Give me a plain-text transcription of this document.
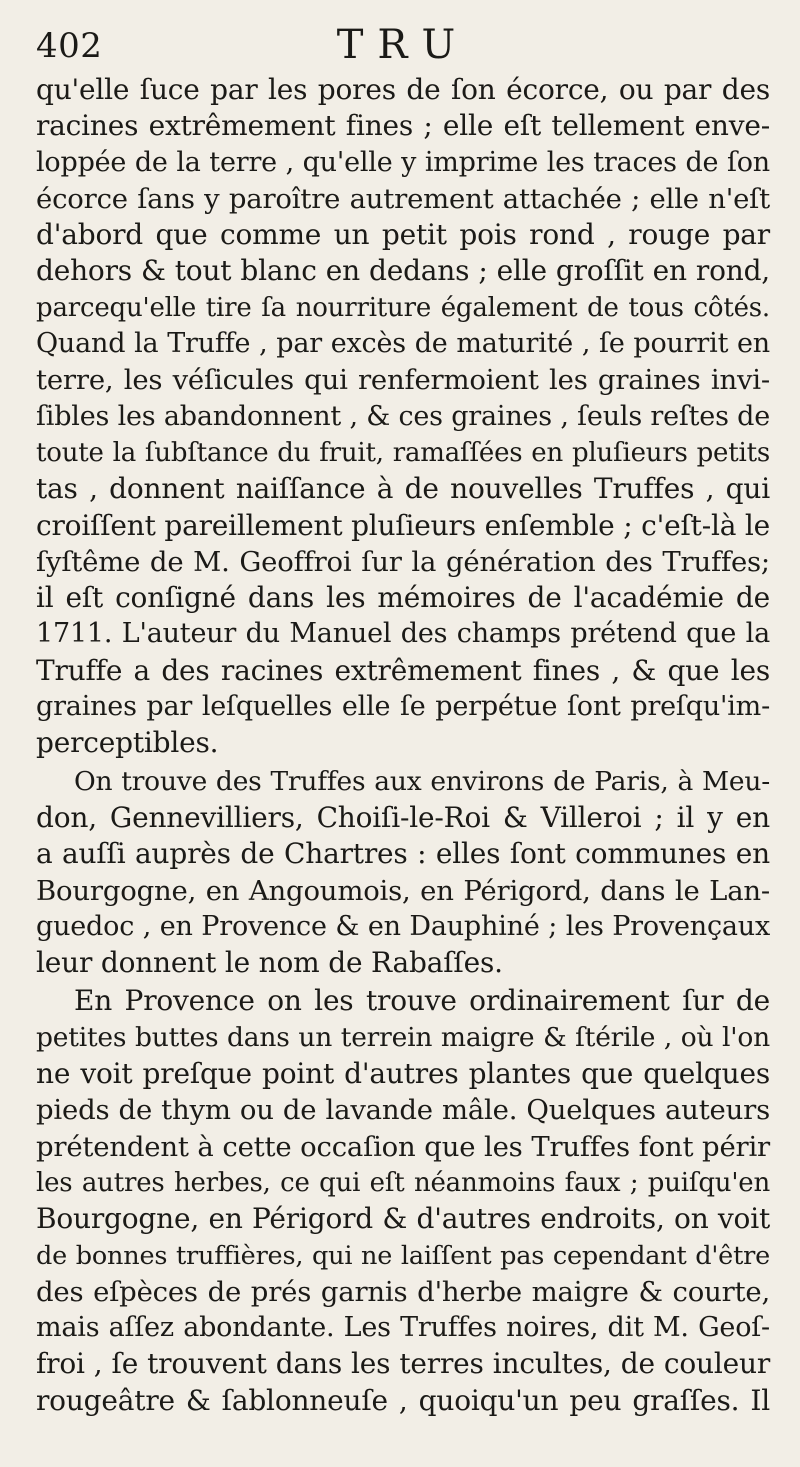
402	TRU
qu'elle ſuce par les pores de ſon écorce, ou par des
racines extrêmement fines ; elle eſt tellement enve-
loppée de la terre , qu'elle y imprime les traces de ſon
écorce ſans y paroître autrement attachée ; elle n'eſt
d'abord que comme un petit pois rond , rouge par
dehors & tout blanc en dedans ; elle groſſit en rond,
parcequ'elle tire ſa nourriture également de tous côtés.
Quand la Truffe , par excès de maturité , ſe pourrit en
terre, les véſicules qui renfermoient les graines invi-
ſibles les abandonnent , & ces graines , ſeuls reſtes de
toute la ſubſtance du fruit, ramaſſées en pluſieurs petits
tas , donnent naiſſance à de nouvelles Truffes , qui
croiſſent pareillement pluſieurs enſemble ; c'eſt-là le
ſyſtême de M. Geoffroi ſur la génération des Truffes;
il eſt conſigné dans les mémoires de l'académie de
1711. L'auteur du Manuel des champs prétend que la
Truffe a des racines extrêmement fines , & que les
graines par leſquelles elle ſe perpétue ſont preſqu'im-
perceptibles.
On trouve des Truffes aux environs de Paris, à Meu-
don, Gennevilliers, Choiſi-le-Roi & Villeroi ; il y en
a auſſi auprès de Chartres : elles ſont communes en
Bourgogne, en Angoumois, en Périgord, dans le Lan-
guedoc , en Provence & en Dauphiné ; les Provençaux
leur donnent le nom de Rabaſſes.
En Provence on les trouve ordinairement ſur de
petites buttes dans un terrein maigre & ſtérile , où l'on
ne voit preſque point d'autres plantes que quelques
pieds de thym ou de lavande mâle. Quelques auteurs
prétendent à cette occaſion que les Truffes font périr
les autres herbes, ce qui eſt néanmoins faux ; puiſqu'en
Bourgogne, en Périgord & d'autres endroits, on voit
de bonnes truffières, qui ne laiſſent pas cependant d'être
des eſpèces de prés garnis d'herbe maigre & courte,
mais aſſez abondante. Les Truffes noires, dit M. Geoſ-
froi , ſe trouvent dans les terres incultes, de couleur
rougeâtre & ſablonneuſe , quoiqu'un peu graſſes. Il
